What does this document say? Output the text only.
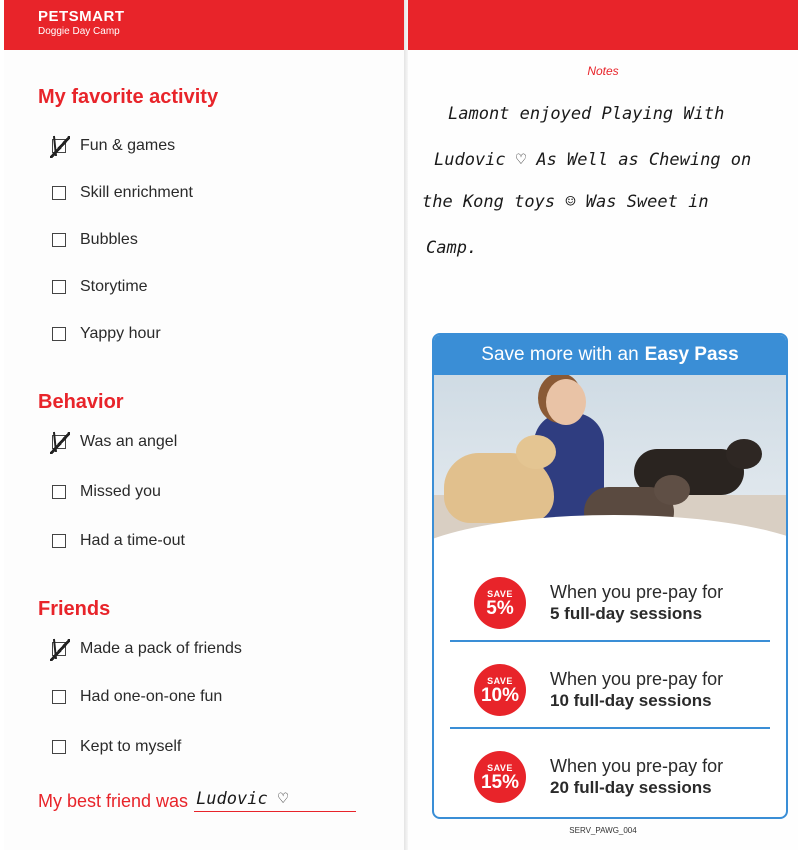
PETSMART
Doggie Day Camp
My favorite activity
Fun & games
Skill enrichment
Bubbles
Storytime
Yappy hour
Behavior
Was an angel
Missed you
Had a time-out
Friends
Made a pack of friends
Had one-on-one fun
Kept to myself
My best friend was Ludovic ♡
Notes
Lamont enjoyed Playing With
Ludovic ♡ As Well as Chewing on
the Kong toys ☺ Was Sweet in
Camp.
Save more with an Easy Pass
SAVE
5%
When you pre-pay for
5 full-day sessions
SAVE
10%
When you pre-pay for
10 full-day sessions
SAVE
15%
When you pre-pay for
20 full-day sessions
SERV_PAWG_004
